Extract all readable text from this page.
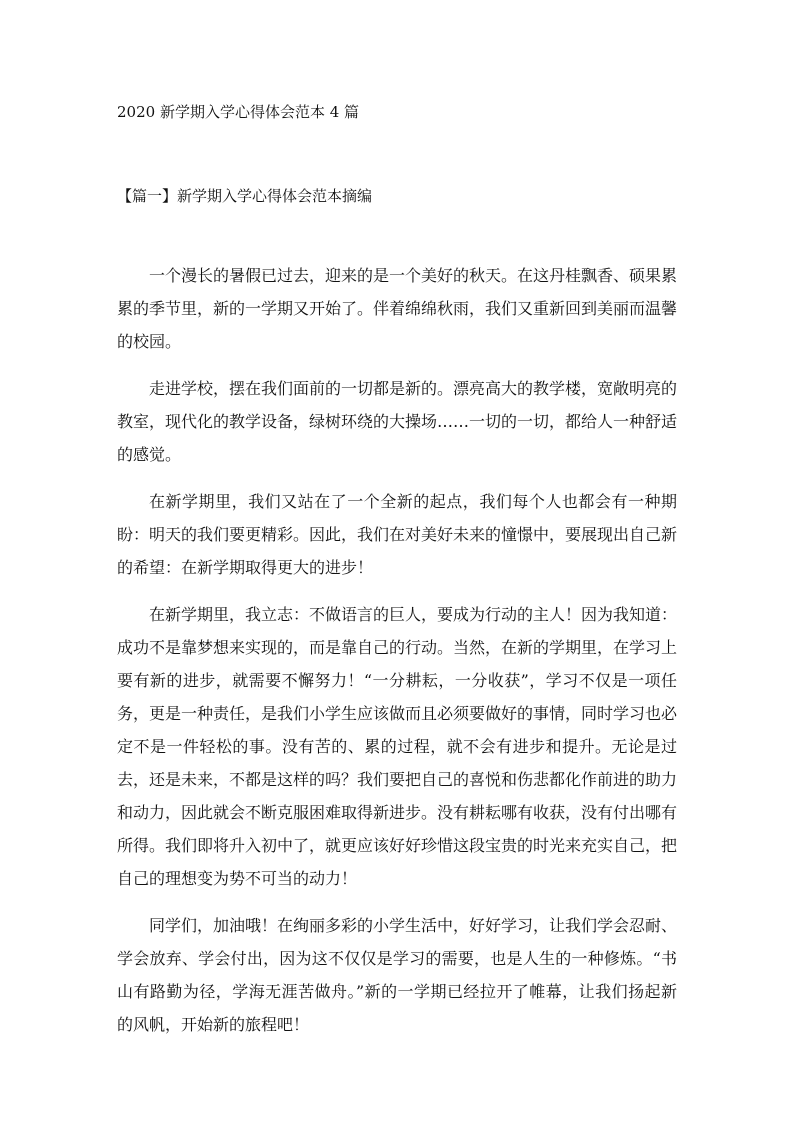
2020 新学期入学心得体会范本 4 篇
【篇一】新学期入学心得体会范本摘编

一个漫长的暑假已过去，迎来的是一个美好的秋天。在这丹桂飘香、硕果累累的季节里，新的一学期又开始了。伴着绵绵秋雨，我们又重新回到美丽而温馨的校园。

走进学校，摆在我们面前的一切都是新的。漂亮高大的教学楼，宽敞明亮的教室，现代化的教学设备，绿树环绕的大操场……一切的一切，都给人一种舒适的感觉。

在新学期里，我们又站在了一个全新的起点，我们每个人也都会有一种期盼：明天的我们要更精彩。因此，我们在对美好未来的憧憬中，要展现出自己新的希望：在新学期取得更大的进步！

在新学期里，我立志：不做语言的巨人，要成为行动的主人！因为我知道：成功不是靠梦想来实现的，而是靠自己的行动。当然，在新的学期里，在学习上要有新的进步，就需要不懈努力！“一分耕耘，一分收获”，学习不仅是一项任务，更是一种责任，是我们小学生应该做而且必须要做好的事情，同时学习也必定不是一件轻松的事。没有苦的、累的过程，就不会有进步和提升。无论是过去，还是未来，不都是这样的吗？我们要把自己的喜悦和伤悲都化作前进的助力和动力，因此就会不断克服困难取得新进步。没有耕耘哪有收获，没有付出哪有所得。我们即将升入初中了，就更应该好好珍惜这段宝贵的时光来充实自己，把自己的理想变为势不可当的动力！

同学们，加油哦！在绚丽多彩的小学生活中，好好学习，让我们学会忍耐、学会放弃、学会付出，因为这不仅仅是学习的需要，也是人生的一种修炼。“书山有路勤为径，学海无涯苦做舟。”新的一学期已经拉开了帷幕，让我们扬起新的风帆，开始新的旅程吧！
